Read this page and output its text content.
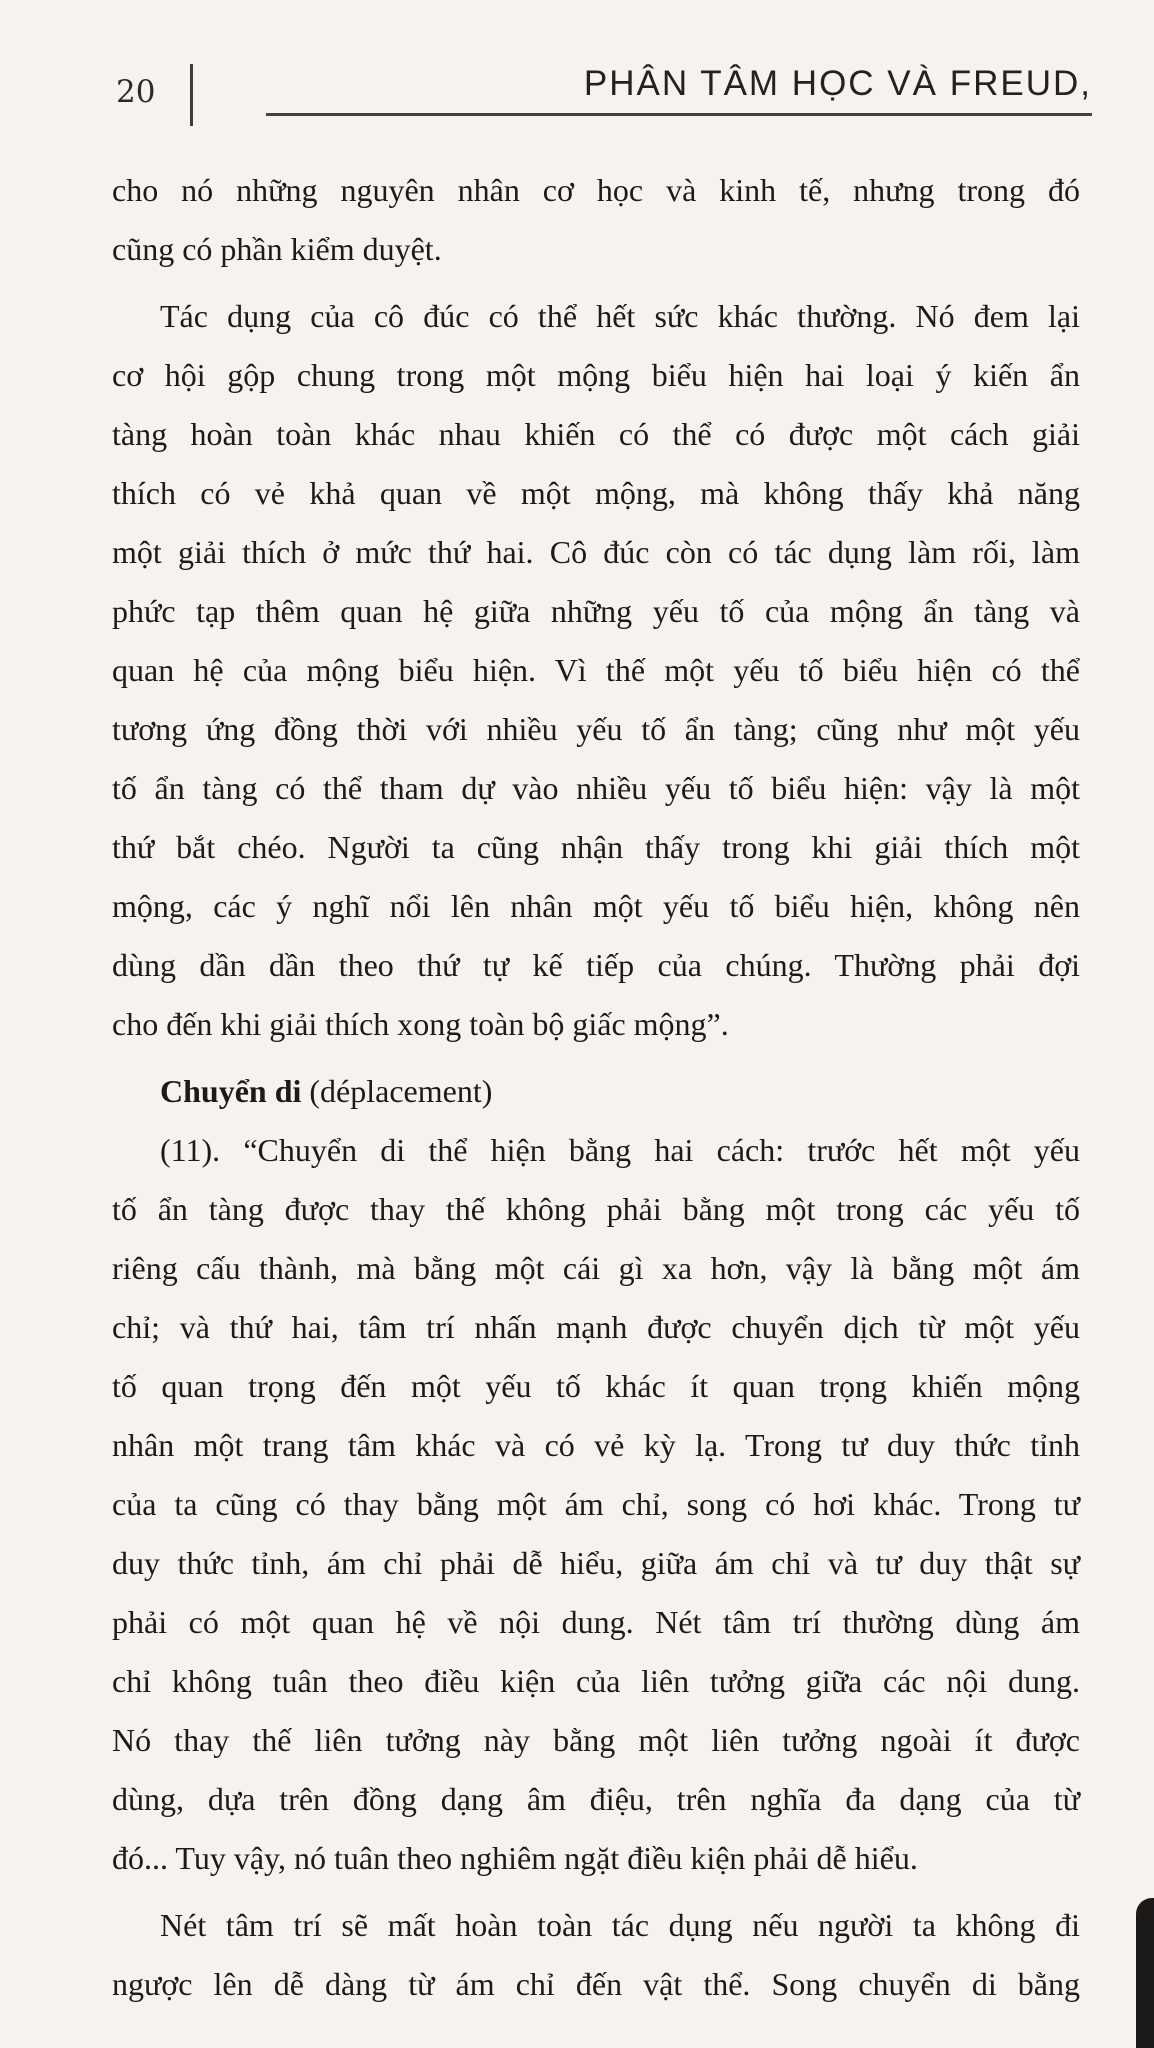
20	PHÂN TÂM HỌC VÀ FREUD,
cho nó những nguyên nhân cơ học và kinh tế, nhưng trong đó
cũng có phần kiểm duyệt.
Tác dụng của cô đúc có thể hết sức khác thường. Nó đem lại
cơ hội gộp chung trong một mộng biểu hiện hai loại ý kiến ẩn
tàng hoàn toàn khác nhau khiến có thể có được một cách giải
thích có vẻ khả quan về một mộng, mà không thấy khả năng
một giải thích ở mức thứ hai. Cô đúc còn có tác dụng làm rối, làm
phức tạp thêm quan hệ giữa những yếu tố của mộng ẩn tàng và
quan hệ của mộng biểu hiện. Vì thế một yếu tố biểu hiện có thể
tương ứng đồng thời với nhiều yếu tố ẩn tàng; cũng như một yếu
tố ẩn tàng có thể tham dự vào nhiều yếu tố biểu hiện: vậy là một
thứ bắt chéo. Người ta cũng nhận thấy trong khi giải thích một
mộng, các ý nghĩ nổi lên nhân một yếu tố biểu hiện, không nên
dùng dần dần theo thứ tự kế tiếp của chúng. Thường phải đợi
cho đến khi giải thích xong toàn bộ giấc mộng”.
Chuyển di (déplacement)
(11). “Chuyển di thể hiện bằng hai cách: trước hết một yếu
tố ẩn tàng được thay thế không phải bằng một trong các yếu tố
riêng cấu thành, mà bằng một cái gì xa hơn, vậy là bằng một ám
chỉ; và thứ hai, tâm trí nhấn mạnh được chuyển dịch từ một yếu
tố quan trọng đến một yếu tố khác ít quan trọng khiến mộng
nhân một trang tâm khác và có vẻ kỳ lạ. Trong tư duy thức tỉnh
của ta cũng có thay bằng một ám chỉ, song có hơi khác. Trong tư
duy thức tỉnh, ám chỉ phải dễ hiểu, giữa ám chỉ và tư duy thật sự
phải có một quan hệ về nội dung. Nét tâm trí thường dùng ám
chỉ không tuân theo điều kiện của liên tưởng giữa các nội dung.
Nó thay thế liên tưởng này bằng một liên tưởng ngoài ít được
dùng, dựa trên đồng dạng âm điệu, trên nghĩa đa dạng của từ
đó... Tuy vậy, nó tuân theo nghiêm ngặt điều kiện phải dễ hiểu.
Nét tâm trí sẽ mất hoàn toàn tác dụng nếu người ta không đi
ngược lên dễ dàng từ ám chỉ đến vật thể. Song chuyển di bằng
